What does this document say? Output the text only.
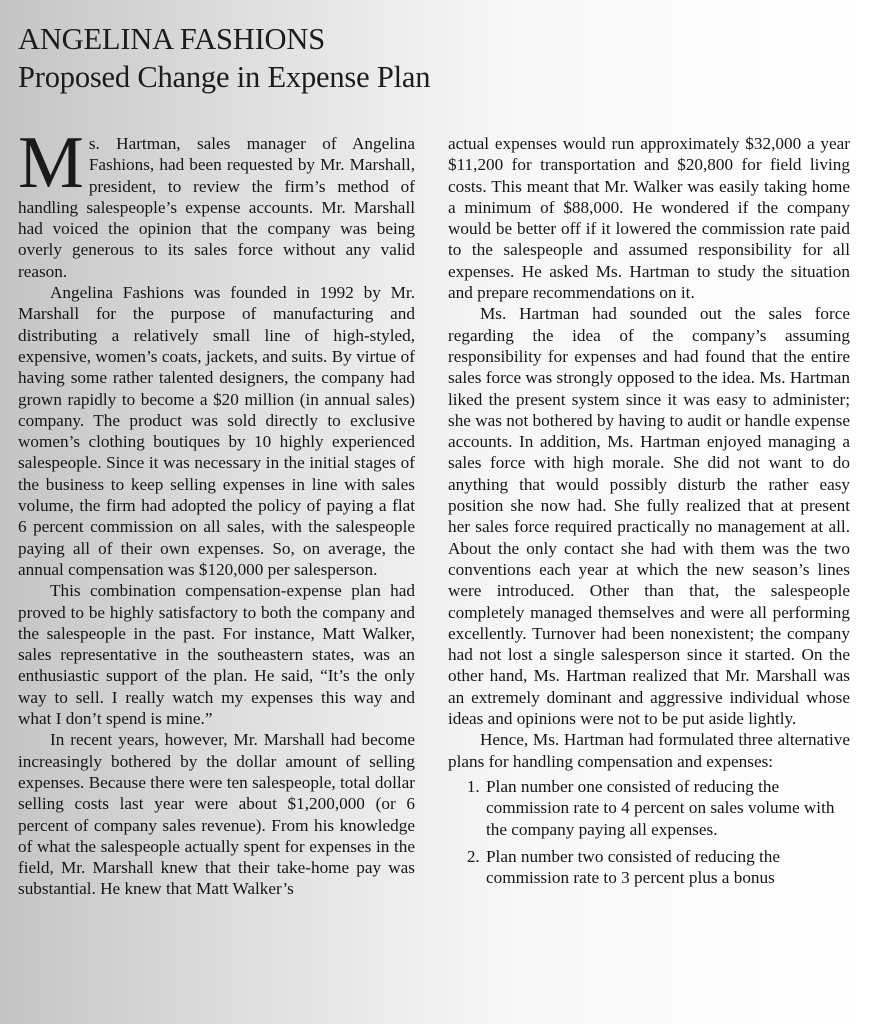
ANGELINA FASHIONS
Proposed Change in Expense Plan

Ms. Hartman, sales manager of Angelina Fashions, had been requested by Mr. Marshall, president, to review the firm’s method of handling salespeople’s expense accounts. Mr. Marshall had voiced the opinion that the company was being overly generous to its sales force without any valid reason.

Angelina Fashions was founded in 1992 by Mr. Marshall for the purpose of manufacturing and distributing a relatively small line of high-styled, expensive, women’s coats, jackets, and suits. By virtue of having some rather talented designers, the company had grown rapidly to become a $20 million (in annual sales) company. The product was sold directly to exclusive women’s clothing boutiques by 10 highly experienced salespeople. Since it was necessary in the initial stages of the business to keep selling expenses in line with sales volume, the firm had adopted the policy of paying a flat 6 percent commission on all sales, with the salespeople paying all of their own expenses. So, on average, the annual compensation was $120,000 per salesperson.

This combination compensation-expense plan had proved to be highly satisfactory to both the company and the salespeople in the past. For instance, Matt Walker, sales representative in the southeastern states, was an enthusiastic support of the plan. He said, “It’s the only way to sell. I really watch my expenses this way and what I don’t spend is mine.”

In recent years, however, Mr. Marshall had become increasingly bothered by the dollar amount of selling expenses. Because there were ten salespeople, total dollar selling costs last year were about $1,200,000 (or 6 percent of company sales revenue). From his knowledge of what the salespeople actually spent for expenses in the field, Mr. Marshall knew that their take-home pay was substantial. He knew that Matt Walker’s

actual expenses would run approximately $32,000 a year $11,200 for transportation and $20,800 for field living costs. This meant that Mr. Walker was easily taking home a minimum of $88,000. He wondered if the company would be better off if it lowered the commission rate paid to the salespeople and assumed responsibility for all expenses. He asked Ms. Hartman to study the situation and prepare recommendations on it.

Ms. Hartman had sounded out the sales force regarding the idea of the company’s assuming responsibility for expenses and had found that the entire sales force was strongly opposed to the idea. Ms. Hartman liked the present system since it was easy to administer; she was not bothered by having to audit or handle expense accounts. In addition, Ms. Hartman enjoyed managing a sales force with high morale. She did not want to do anything that would possibly disturb the rather easy position she now had. She fully realized that at present her sales force required practically no management at all. About the only contact she had with them was the two conventions each year at which the new season’s lines were introduced. Other than that, the salespeople completely managed themselves and were all performing excellently. Turnover had been nonexistent; the company had not lost a single salesperson since it started. On the other hand, Ms. Hartman realized that Mr. Marshall was an extremely dominant and aggressive individual whose ideas and opinions were not to be put aside lightly.

Hence, Ms. Hartman had formulated three alternative plans for handling compensation and expenses:

1. Plan number one consisted of reducing the commission rate to 4 percent on sales volume with the company paying all expenses.
2. Plan number two consisted of reducing the commission rate to 3 percent plus a bonus
